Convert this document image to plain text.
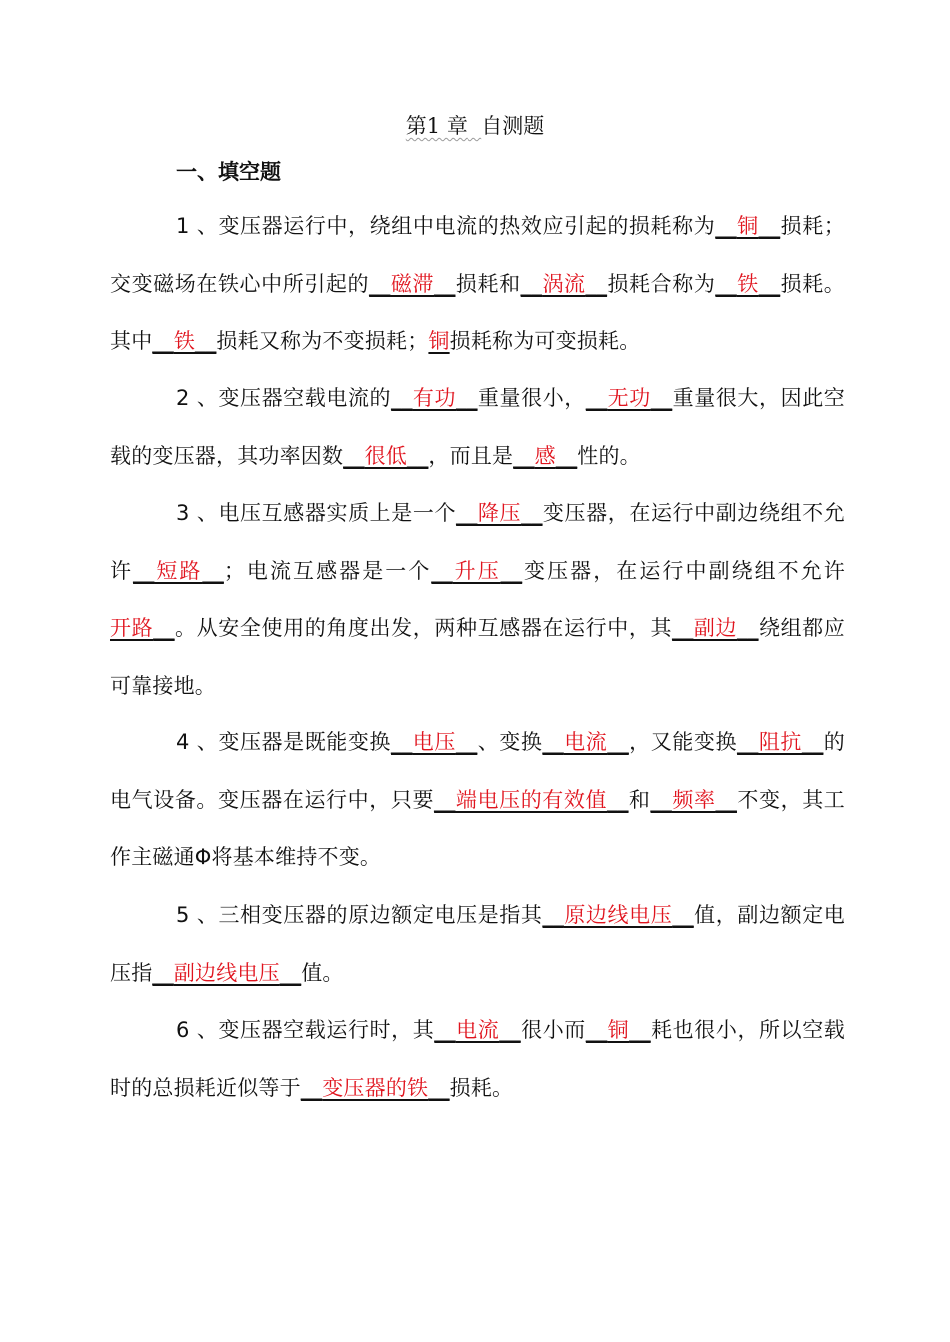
第1 章 自测题
一、填空题
1 、变压器运行中，绕组中电流的热效应引起的损耗称为__铜__损耗；交变磁场在铁心中所引起的__磁滞__损耗和__涡流__损耗合称为__铁__损耗。其中__铁__损耗又称为不变损耗；铜损耗称为可变损耗。
2 、变压器空载电流的__有功__重量很小，__无功__重量很大，因此空载的变压器，其功率因数__很低__，而且是__感__性的。
3 、电压互感器实质上是一个__降压__变压器，在运行中副边绕组不允许__短路__；电流互感器是一个__升压__变压器，在运行中副绕组不允许开路__。从安全使用的角度出发，两种互感器在运行中，其__副边__绕组都应可靠接地。
4 、变压器是既能变换__电压__、变换__电流__，又能变换__阻抗__的电气设备。变压器在运行中，只要__端电压的有效值__和__频率__不变，其工作主磁通Φ将基本维持不变。
5 、三相变压器的原边额定电压是指其__原边线电压__值，副边额定电压指__副边线电压__值。
6 、变压器空载运行时，其__电流__很小而__铜__耗也很小，所以空载时的总损耗近似等于__变压器的铁__损耗。
